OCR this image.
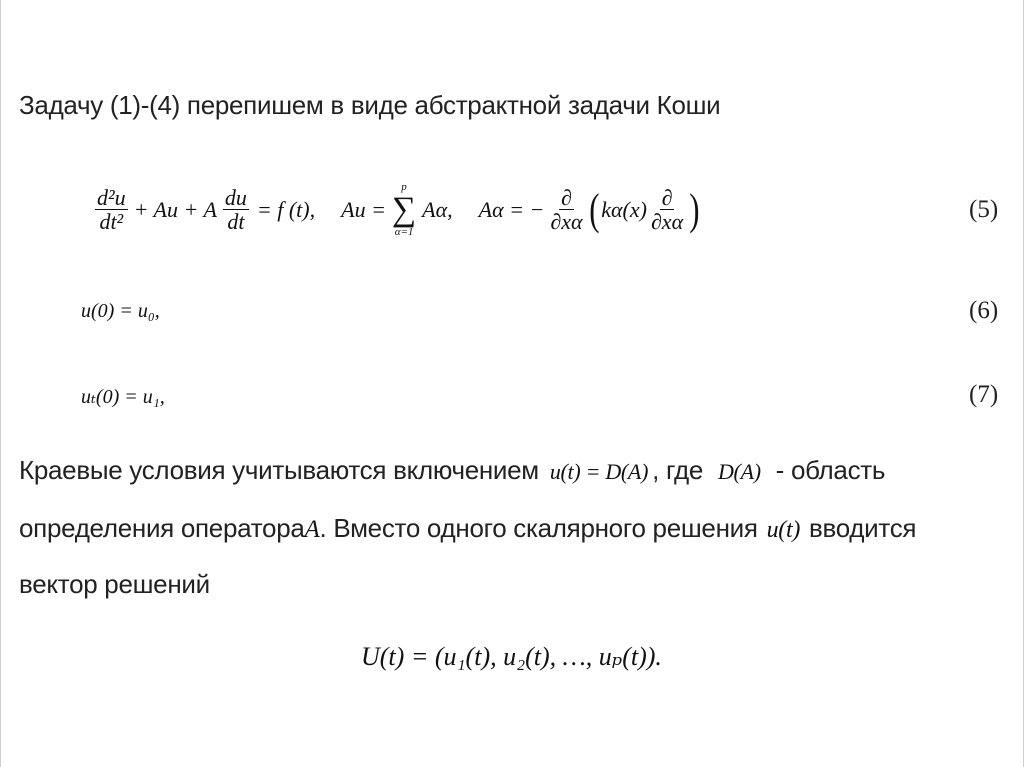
Задачу (1)-(4) перепишем в виде абстрактной задачи Коши
$\frac{\text{d²u}}{\text{dt²}} + Au + A \frac{du}{dt} = f$ (t), Au =
p
∑
α=1
Aα, Aα = − $\frac{\partial}{\partial x\alpha}$ ( $k\alpha(x) \frac{\partial}{\partial x\alpha}$ )	(5)
u(0) = u₀,	(6)
uₜ(0) = u₁,	(7)
Краевые условия учитываются включением u(t) = D(A) , где D(A) - область
определения оператораA. Вместо одного скалярного решения u(t) вводится
вектор решений
U(t) = (u₁(t), u₂(t), …, uₚ(t)).
